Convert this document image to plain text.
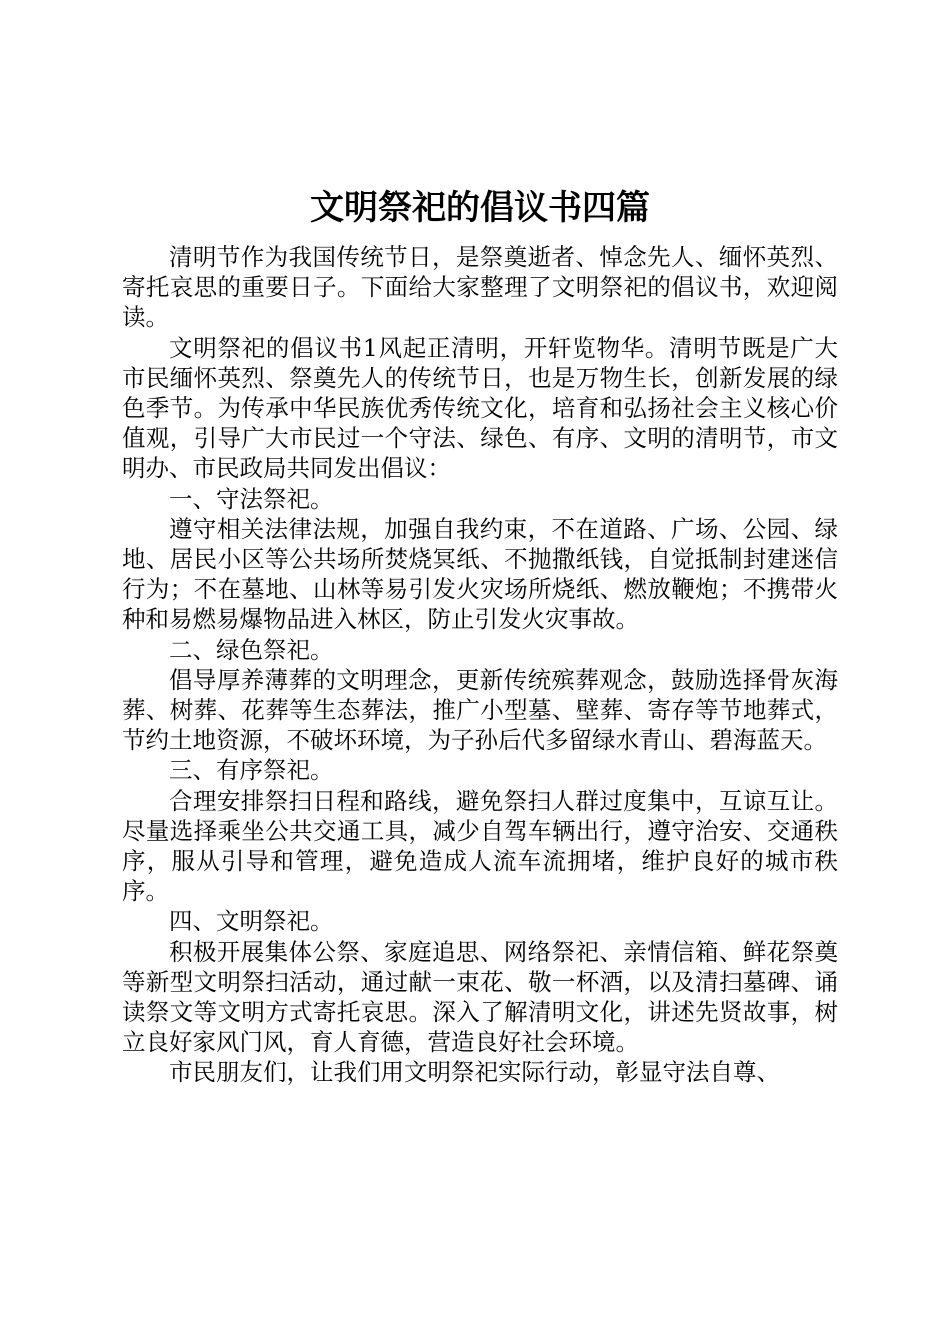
文明祭祀的倡议书四篇

清明节作为我国传统节日，是祭奠逝者、悼念先人、缅怀英烈、寄托哀思的重要日子。下面给大家整理了文明祭祀的倡议书，欢迎阅读。

文明祭祀的倡议书1风起正清明，开轩览物华。清明节既是广大市民缅怀英烈、祭奠先人的传统节日，也是万物生长，创新发展的绿色季节。为传承中华民族优秀传统文化，培育和弘扬社会主义核心价值观，引导广大市民过一个守法、绿色、有序、文明的清明节，市文明办、市民政局共同发出倡议：

一、守法祭祀。

遵守相关法律法规，加强自我约束，不在道路、广场、公园、绿地、居民小区等公共场所焚烧冥纸、不抛撒纸钱，自觉抵制封建迷信行为；不在墓地、山林等易引发火灾场所烧纸、燃放鞭炮；不携带火种和易燃易爆物品进入林区，防止引发火灾事故。

二、绿色祭祀。

倡导厚养薄葬的文明理念，更新传统殡葬观念，鼓励选择骨灰海葬、树葬、花葬等生态葬法，推广小型墓、壁葬、寄存等节地葬式，节约土地资源，不破坏环境，为子孙后代多留绿水青山、碧海蓝天。

三、有序祭祀。

合理安排祭扫日程和路线，避免祭扫人群过度集中，互谅互让。尽量选择乘坐公共交通工具，减少自驾车辆出行，遵守治安、交通秩序，服从引导和管理，避免造成人流车流拥堵，维护良好的城市秩序。

四、文明祭祀。

积极开展集体公祭、家庭追思、网络祭祀、亲情信箱、鲜花祭奠等新型文明祭扫活动，通过献一束花、敬一杯酒，以及清扫墓碑、诵读祭文等文明方式寄托哀思。深入了解清明文化，讲述先贤故事，树立良好家风门风，育人育德，营造良好社会环境。

市民朋友们，让我们用文明祭祀实际行动，彰显守法自尊、
